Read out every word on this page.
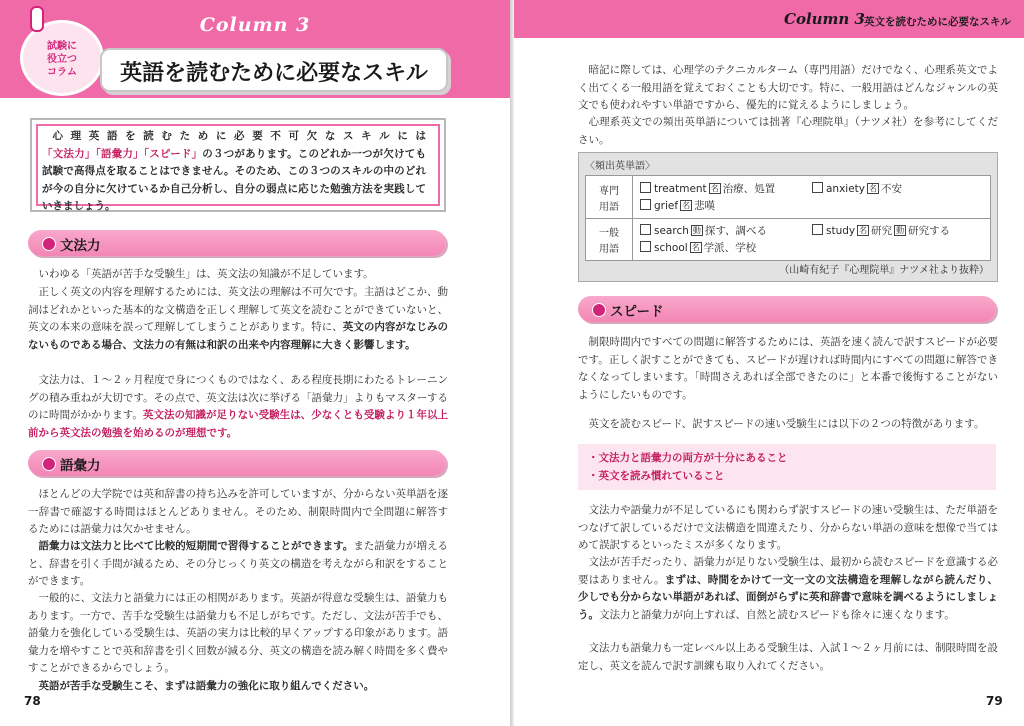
Column 3
試験に
役立つ
コラム	英語を読むために必要なスキル
心理英語を読むために必要不可欠なスキルには「文法力」「語彙力」「スピード」の３つがあります。このどれか一つが欠けても試験で高得点を取ることはできません。そのため、この３つのスキルの中のどれが今の自分に欠けているか自己分析し、自分の弱点に応じた勉強方法を実践していきましょう。
文法力
いわゆる「英語が苦手な受験生」は、英文法の知識が不足しています。
正しく英文の内容を理解するためには、英文法の理解は不可欠です。主語はどこか、動詞はどれかといった基本的な文構造を正しく理解して英文を読むことができていないと、英文の本来の意味を誤って理解してしまうことがあります。特に、英文の内容がなじみのないものである場合、文法力の有無は和訳の出来や内容理解に大きく影響します。
文法力は、１～２ヶ月程度で身につくものではなく、ある程度長期にわたるトレーニングの積み重ねが大切です。その点で、英文法は次に挙げる「語彙力」よりもマスターするのに時間がかかります。英文法の知識が足りない受験生は、少なくとも受験より１年以上前から英文法の勉強を始めるのが理想です。
語彙力
ほとんどの大学院では英和辞書の持ち込みを許可していますが、分からない英単語を逐一辞書で確認する時間はほとんどありません。そのため、制限時間内で全問題に解答するためには語彙力は欠かせません。
語彙力は文法力と比べて比較的短期間で習得することができます。また語彙力が増えると、辞書を引く手間が減るため、その分じっくり英文の構造を考えながら和訳をすることができます。
一般的に、文法力と語彙力には正の相関があります。英語が得意な受験生は、語彙力もあります。一方で、苦手な受験生は語彙力も不足しがちです。ただし、文法が苦手でも、語彙力を強化している受験生は、英語の実力は比較的早くアップする印象があります。語彙力を増やすことで英和辞書を引く回数が減る分、英文の構造を読み解く時間を多く費やすことができるからでしょう。
英語が苦手な受験生こそ、まずは語彙力の強化に取り組んでください。
78
Column 3 英文を読むために必要なスキル
暗記に際しては、心理学のテクニカルターム（専門用語）だけでなく、心理系英文でよく出てくる一般用語を覚えておくことも大切です。特に、一般用語はどんなジャンルの英文でも使われやすい単語ですから、優先的に覚えるようにしましょう。
心理系英文での頻出英単語については拙著『心理院単』（ナツメ社）を参考にしてください。
〈頻出英単語〉
専門
用語
treatment 名 治療、処置	anxiety 名 不安
grief 名 悲嘆
一般
用語
search 動 探す、調べる	study 名 研究 動 研究する
school 名 学派、学校
（山崎有紀子『心理院単』ナツメ社より抜粋）
スピード
制限時間内ですべての問題に解答するためには、英語を速く読んで訳すスピードが必要です。正しく訳すことができても、スピードが遅ければ時間内にすべての問題に解答できなくなってしまいます。「時間さえあれば全部できたのに」と本番で後悔することがないようにしたいものです。
英文を読むスピード、訳すスピードの速い受験生には以下の２つの特徴があります。
・文法力と語彙力の両方が十分にあること
・英文を読み慣れていること
文法力や語彙力が不足しているにも関わらず訳すスピードの速い受験生は、ただ単語をつなげて訳しているだけで文法構造を間違えたり、分からない単語の意味を想像で当てはめて誤訳するといったミスが多くなります。
文法が苦手だったり、語彙力が足りない受験生は、最初から読むスピードを意識する必要はありません。まずは、時間をかけて一文一文の文法構造を理解しながら読んだり、少しでも分からない単語があれば、面倒がらずに英和辞書で意味を調べるようにしましょう。文法力と語彙力が向上すれば、自然と読むスピードも徐々に速くなります。
文法力も語彙力も一定レベル以上ある受験生は、入試１～２ヶ月前には、制限時間を設定し、英文を読んで訳す訓練も取り入れてください。
79
